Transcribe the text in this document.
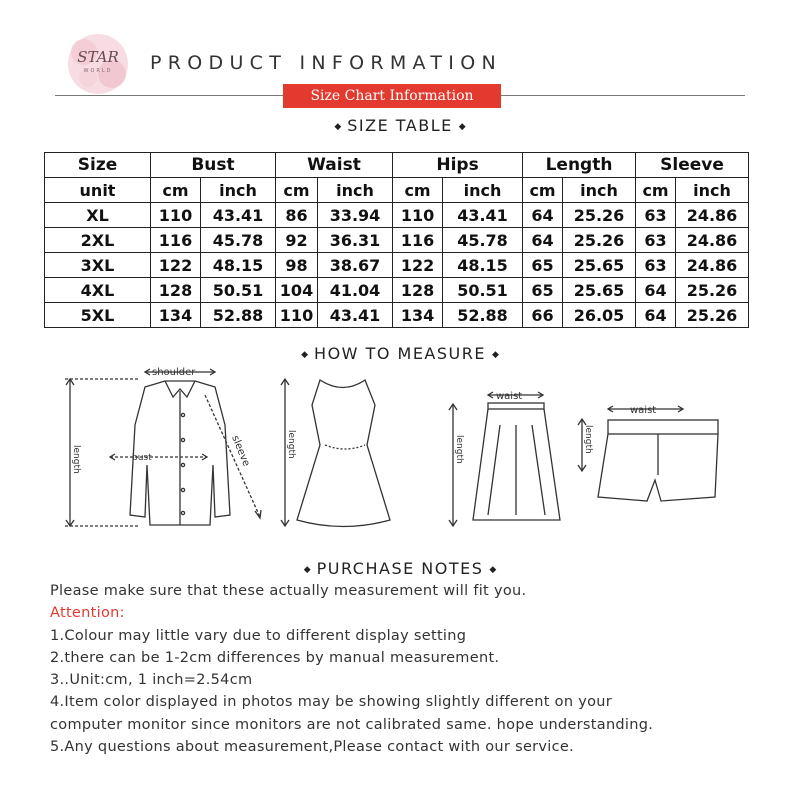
STAR
WORLD PRODUCT INFORMATION
Size Chart Information
◆ SIZE TABLE ◆
Size	Bust		Waist		Hips		Length		Sleeve	
unit	cm	inch	cm	inch	cm	inch	cm	inch	cm	inch
XL	110	43.41	86	33.94	110	43.41	64	25.26	63	24.86
2XL	116	45.78	92	36.31	116	45.78	64	25.26	63	24.86
3XL	122	48.15	98	38.67	122	48.15	65	25.65	63	24.86
4XL	128	50.51	104	41.04	128	50.51	65	25.65	64	25.26
5XL	134	52.88	110	43.41	134	52.88	66	26.05	64	25.26
◆ HOW TO MEASURE ◆
length
shoulder
bust	sleeve	length	length
waist
length
waist
◆ PURCHASE NOTES ◆
Please make sure that these actually measurement will fit you.
Attention:
1.Colour may little vary due to different display setting
2.there can be 1-2cm differences by manual measurement.
3..Unit:cm, 1 inch=2.54cm
4.Item color displayed in photos may be showing slightly different on your
computer monitor since monitors are not calibrated same. hope understanding.
5.Any questions about measurement,Please contact with our service.
